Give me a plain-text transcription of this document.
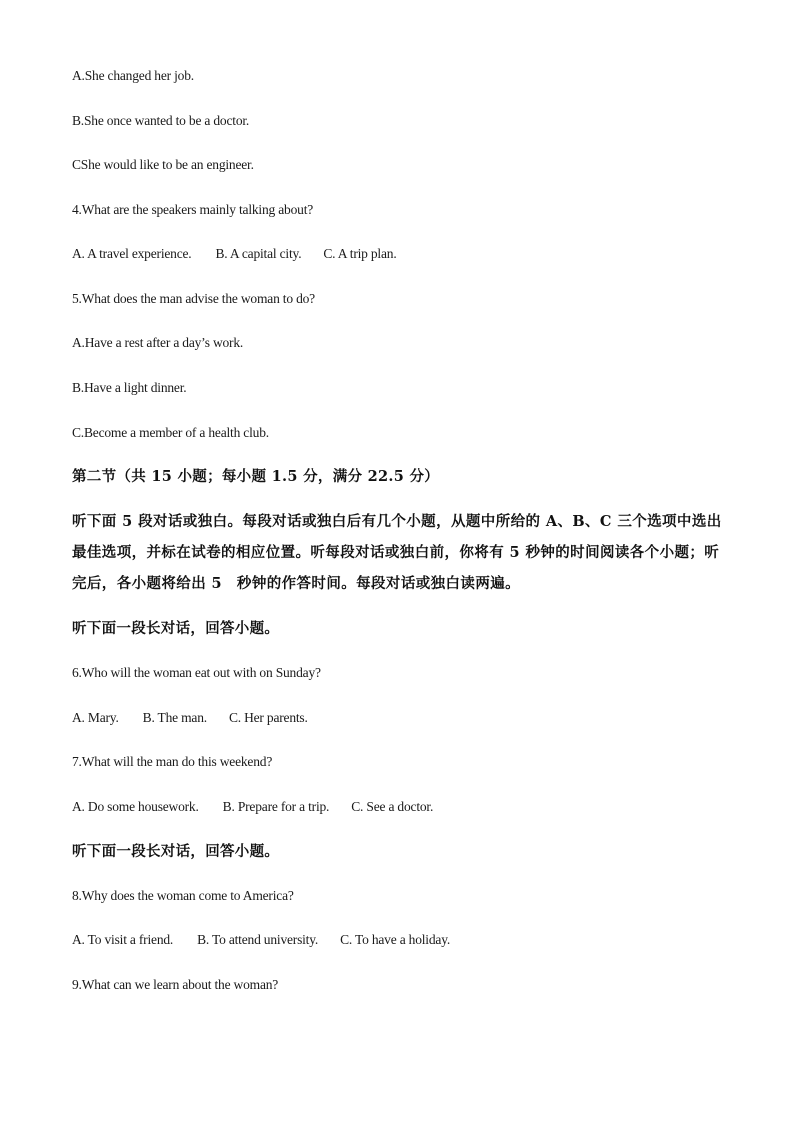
A.She changed her job.
B.She once wanted to be a doctor.
CShe would like to be an engineer.
4.What are the speakers mainly talking about?
A. A travel experience. B. A capital city. C. A trip plan.
5.What does the man advise the woman to do?
A.Have a rest after a day’s work.
B.Have a light dinner.
C.Become a member of a health club.
第二节（共 15 小题；每小题 1.5 分，满分 22.5 分）
听下面 5 段对话或独白。每段对话或独白后有几个小题，从题中所给的 A、B、C 三个选项中选出最佳选项，并标在试卷的相应位置。听每段对话或独白前，你将有 5 秒钟的时间阅读各个小题；听完后，各小题将给出 5　秒钟的作答时间。每段对话或独白读两遍。
听下面一段长对话，回答小题。
6.Who will the woman eat out with on Sunday?
A. Mary. B. The man. C. Her parents.
7.What will the man do this weekend?
A. Do some housework. B. Prepare for a trip. C. See a doctor.
听下面一段长对话，回答小题。
8.Why does the woman come to America?
A. To visit a friend. B. To attend university. C. To have a holiday.
9.What can we learn about the woman?
